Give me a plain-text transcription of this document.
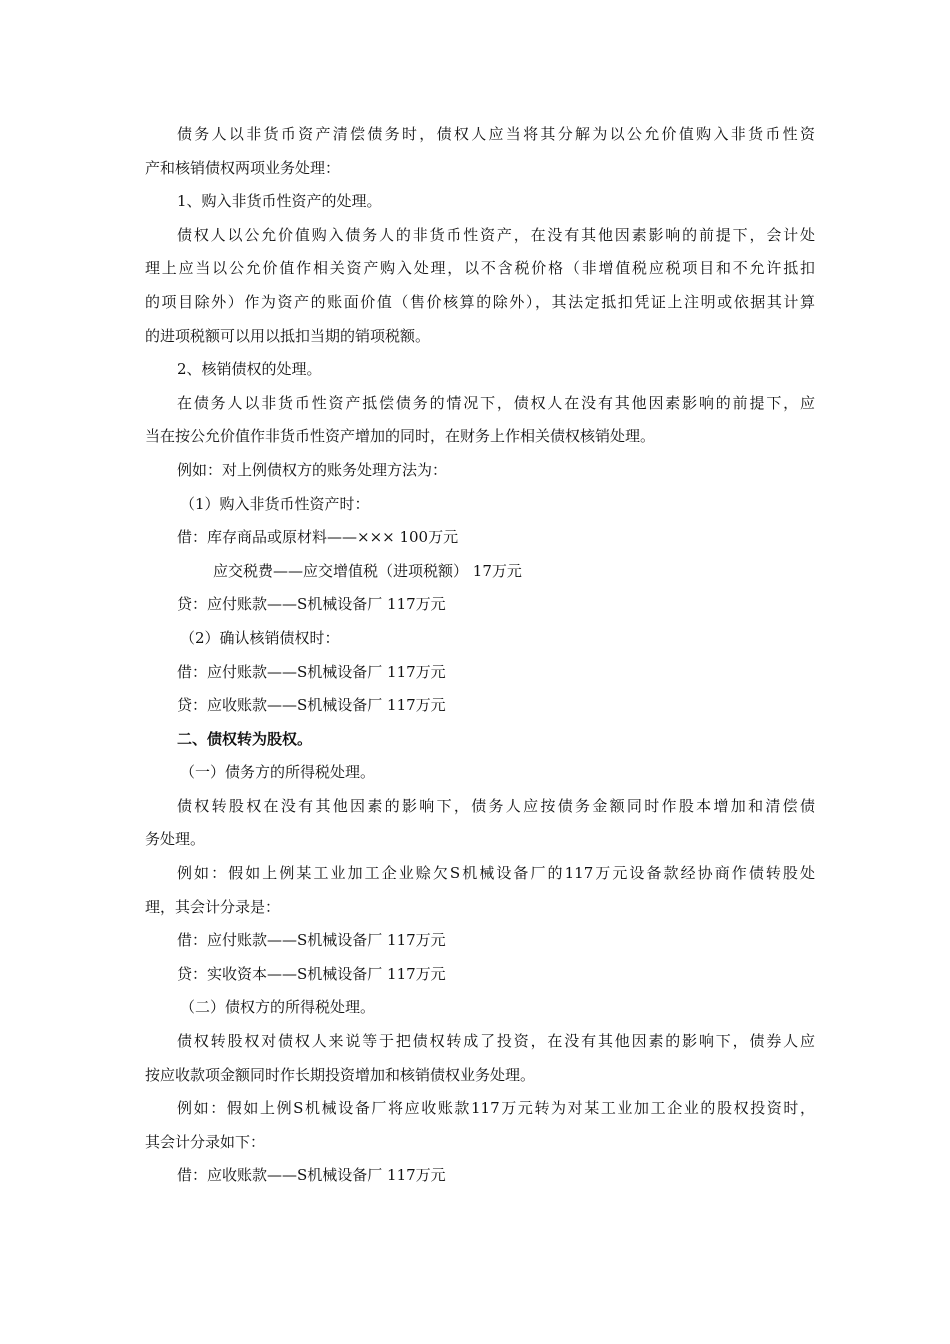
债务人以非货币资产清偿债务时，债权人应当将其分解为以公允价值购入非货币性资
产和核销债权两项业务处理：
1、购入非货币性资产的处理。
债权人以公允价值购入债务人的非货币性资产，在没有其他因素影响的前提下，会计处
理上应当以公允价值作相关资产购入处理，以不含税价格（非增值税应税项目和不允许抵扣
的项目除外）作为资产的账面价值（售价核算的除外），其法定抵扣凭证上注明或依据其计算
的进项税额可以用以抵扣当期的销项税额。
2、核销债权的处理。
在债务人以非货币性资产抵偿债务的情况下，债权人在没有其他因素影响的前提下，应
当在按公允价值作非货币性资产增加的同时，在财务上作相关债权核销处理。
例如：对上例债权方的账务处理方法为：
（1）购入非货币性资产时：
借：库存商品或原材料——××× 100万元
应交税费——应交增值税（进项税额） 17万元
贷：应付账款——S机械设备厂 117万元
（2）确认核销债权时：
借：应付账款——S机械设备厂 117万元
贷：应收账款——S机械设备厂 117万元
二、债权转为股权。
（一）债务方的所得税处理。
债权转股权在没有其他因素的影响下，债务人应按债务金额同时作股本增加和清偿债
务处理。
例如：假如上例某工业加工企业赊欠S机械设备厂的117万元设备款经协商作债转股处
理，其会计分录是：
借：应付账款——S机械设备厂 117万元
贷：实收资本——S机械设备厂 117万元
（二）债权方的所得税处理。
债权转股权对债权人来说等于把债权转成了投资，在没有其他因素的影响下，债券人应
按应收款项金额同时作长期投资增加和核销债权业务处理。
例如：假如上例S机械设备厂将应收账款117万元转为对某工业加工企业的股权投资时，
其会计分录如下：
借：应收账款——S机械设备厂 117万元
